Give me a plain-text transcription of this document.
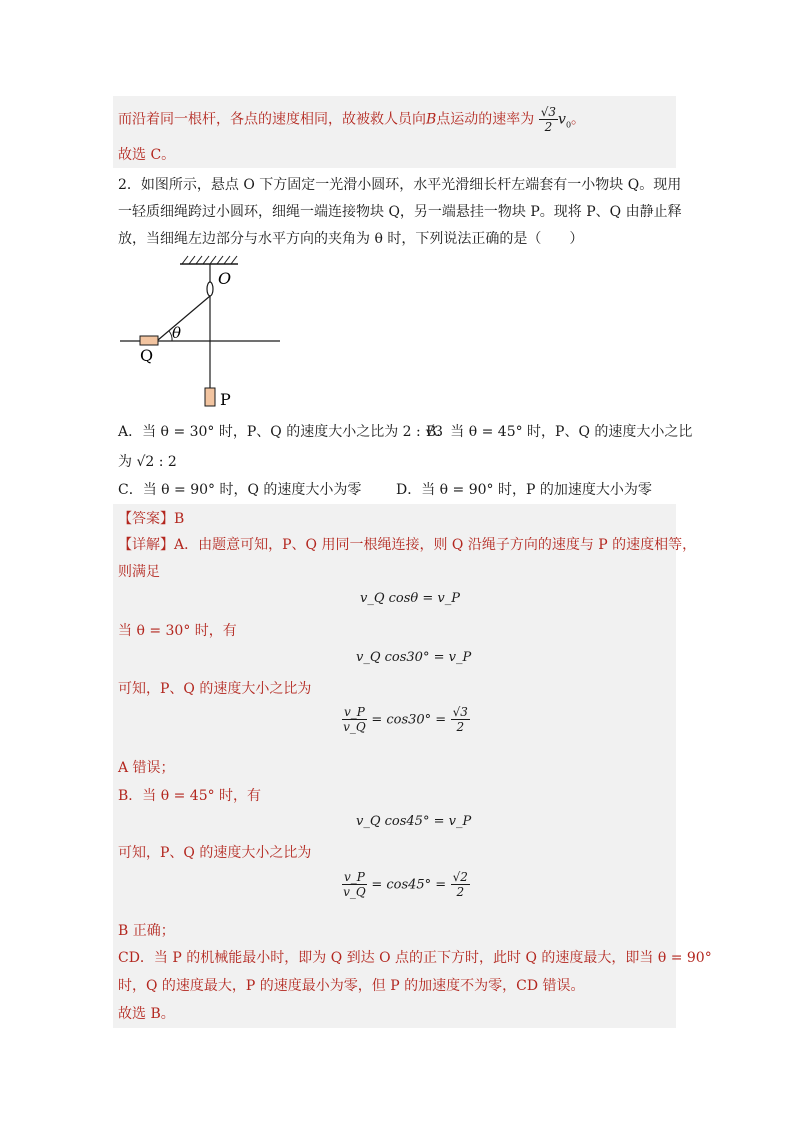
而沿着同一根杆，各点的速度相同，故被救人员向B点运动的速率为 $\frac{√3}{2} v_0$。
故选 C。
2．如图所示，悬点 O 下方固定一光滑小圆环，水平光滑细长杆左端套有一小物块 Q。现用
一轻质细绳跨过小圆环，细绳一端连接物块 Q，另一端悬挂一物块 P。现将 P、Q 由静止释
放，当细绳左边部分与水平方向的夹角为 θ 时，下列说法正确的是（　　）
O
θ
Q
P
A．当 θ = 30° 时，P、Q 的速度大小之比为 2 : √3
B．当 θ = 45° 时，P、Q 的速度大小之比
为 √2 : 2
C．当 θ = 90° 时，Q 的速度大小为零 D．当 θ = 90° 时，P 的加速度大小为零
【答案】B
【详解】A．由题意可知，P、Q 用同一根绳连接，则 Q 沿绳子方向的速度与 P 的速度相等，
则满足
v_Q cosθ = v_P
当 θ = 30° 时，有
v_Q cos30° = v_P
可知，P、Q 的速度大小之比为
$\frac{v\_P}{v\_Q} = \cos 30^\circ = \frac{√3}{2}$
A 错误；
B．当 θ = 45° 时，有
v_Q cos45° = v_P
可知，P、Q 的速度大小之比为
$\frac{v\_P}{v\_Q} = \cos 45^\circ = \frac{√2}{2}$
B 正确；
CD．当 P 的机械能最小时，即为 Q 到达 O 点的正下方时，此时 Q 的速度最大，即当 θ = 90°
时，Q 的速度最大，P 的速度最小为零，但 P 的加速度不为零，CD 错误。
故选 B。
